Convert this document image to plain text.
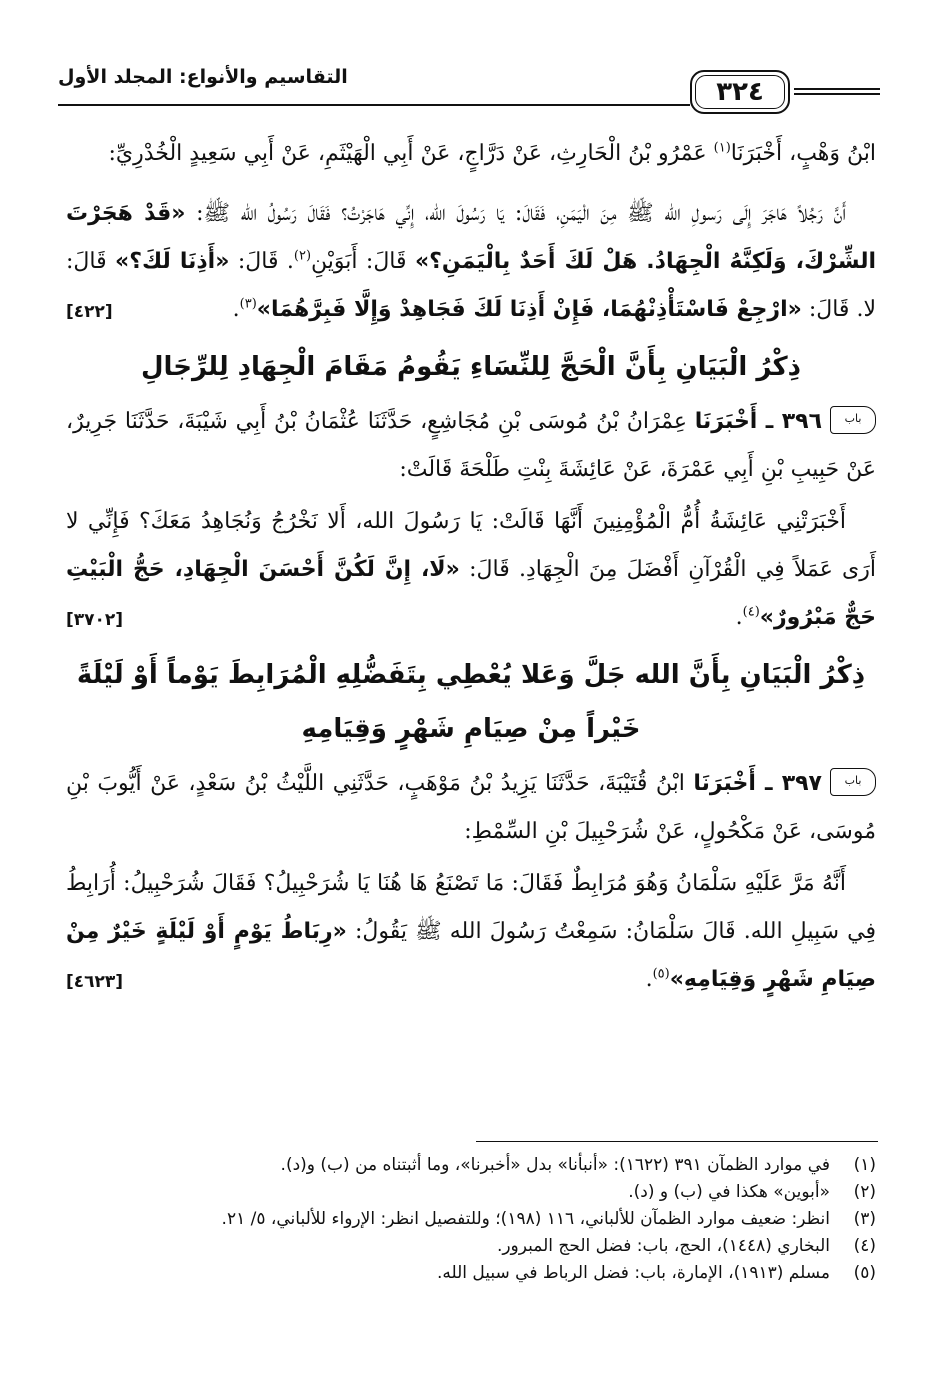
٣٢٤
التقاسيم والأنواع: المجلد الأول

ابْنُ وَهْبٍ، أَخْبَرَنَا$^{(١)}$ عَمْرُو بْنُ الْحَارِثِ، عَنْ دَرَّاجٍ، عَنْ أَبِي الْهَيْثَمِ، عَنْ أَبِي سَعِيدٍ الْخُدْرِيِّ:

أَنَّ رَجُلاً هَاجَرَ إِلَى رَسولِ الله ﷺ مِنَ الْيَمَنِ، فَقَالَ: يَا رَسُولَ الله، إِنِّي هَاجَرْتُ؟ فَقَالَ رَسُولُ الله ﷺ: «قَدْ هَجَرْتَ الشِّرْكَ، وَلَكِنَّهُ الْجِهَادُ. هَلْ لَكَ أَحَدٌ بِالْيَمَنِ؟» قَالَ: أَبَوَيْنِ$^{(٢)}$. قَالَ: «أَذِنَا لَكَ؟» قَالَ: لا. قَالَ: «ارْجِعْ فَاسْتَأْذِنْهُمَا، فَإِنْ أَذِنَا لَكَ فَجَاهِدْ وَإِلَّا فَبِرَّهُمَا»$^{(٣)}$.
[٤٢٢]

ذِكْرُ الْبَيَانِ بِأَنَّ الْحَجَّ لِلنِّسَاءِ يَقُومُ مَقَامَ الْجِهَادِ لِلرِّجَالِ

باب٣٩٦ ـ أَخْبَرَنَا عِمْرَانُ بْنُ مُوسَى بْنِ مُجَاشِعٍ، حَدَّثَنَا عُثْمَانُ بْنُ أَبِي شَيْبَةَ، حَدَّثَنَا جَرِيرٌ، عَنْ حَبِيبِ بْنِ أَبِي عَمْرَةَ، عَنْ عَائِشَةَ بِنْتِ طَلْحَةَ قَالَتْ:

أَخْبَرَتْنِي عَائِشَةُ أُمُّ الْمُؤْمِنِينَ أَنَّهَا قَالَتْ: يَا رَسُولَ الله، أَلا نَخْرُجُ وَنُجَاهِدُ مَعَكَ؟ فَإِنِّي لا أَرَى عَمَلاً فِي الْقُرْآنِ أَفْضَلَ مِنَ الْجِهَادِ. قَالَ: «لَا، إِنَّ لَكُنَّ أَحْسَنَ الْجِهَادِ، حَجُّ الْبَيْتِ حَجٌّ مَبْرُورٌ»$^{(٤)}$.
[٣٧٠٢]

ذِكْرُ الْبَيَانِ بِأَنَّ الله جَلَّ وَعَلا يُعْطِي بِتَفَضُّلِهِ الْمُرَابِطَ يَوْماً أَوْ لَيْلَةً خَيْراً مِنْ صِيَامِ شَهْرٍ وَقِيَامِهِ

باب٣٩٧ ـ أَخْبَرَنَا ابْنُ قُتَيْبَةَ، حَدَّثَنَا يَزِيدُ بْنُ مَوْهَبٍ، حَدَّثَنِي اللَّيْثُ بْنُ سَعْدٍ، عَنْ أَيُّوبَ بْنِ مُوسَى، عَنْ مَكْحُولٍ، عَنْ شُرَحْبِيلَ بْنِ السِّمْطِ:

أَنَّهُ مَرَّ عَلَيْهِ سَلْمَانُ وَهُوَ مُرَابِطٌ فَقَالَ: مَا تَصْنَعُ هَا هُنَا يَا شُرَحْبِيلُ؟ فَقَالَ شُرَحْبِيلُ: أُرَابِطُ فِي سَبِيلِ الله. قَالَ سَلْمَانُ: سَمِعْتُ رَسُولَ الله ﷺ يَقُولُ: «رِبَاطُ يَوْمٍ أَوْ لَيْلَةٍ خَيْرٌ مِنْ صِيَامِ شَهْرٍ وَقِيَامِهِ»$^{(٥)}$.
[٤٦٢٣]

(١)
في موارد الظمآن ٣٩١ (١٦٢٢): «أنبأنا» بدل «أخبرنا»، وما أثبتناه من (ب) و(د).
(٢)
«أبوين» هكذا في (ب) و (د).
(٣)
انظر: ضعيف موارد الظمآن للألباني، ١١٦ (١٩٨)؛ وللتفصيل انظر: الإرواء للألباني، ٥/ ٢١.
(٤)
البخاري (١٤٤٨)، الحج، باب: فضل الحج المبرور.
(٥)
مسلم (١٩١٣)، الإمارة، باب: فضل الرباط في سبيل الله.
